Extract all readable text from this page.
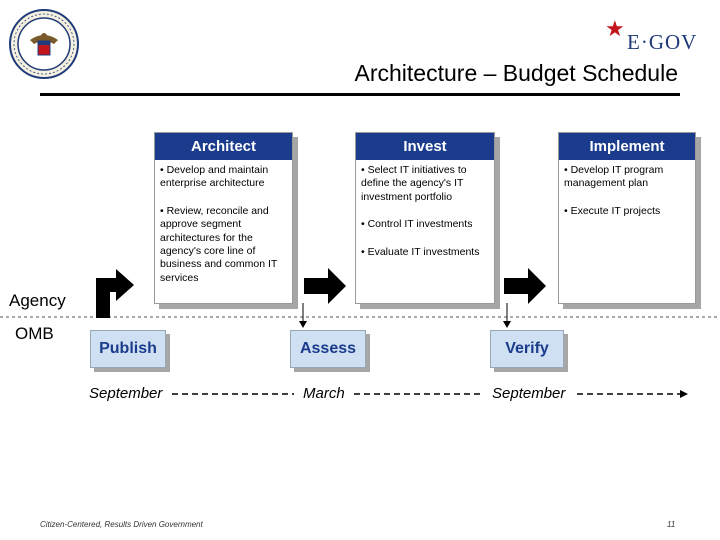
★
E·GOV
Architecture – Budget Schedule
Architect

• Develop and maintain enterprise architecture

• Review, reconcile and approve segment architectures for the agency's core line of business and common IT services

Invest

• Select IT initiatives to define the agency's IT investment portfolio

• Control IT investments

• Evaluate IT investments

Implement

• Develop IT program management plan

• Execute IT projects

Agency
OMB
Publish	Assess	Verify
September	March	September
Citizen-Centered, Results Driven Government	11
